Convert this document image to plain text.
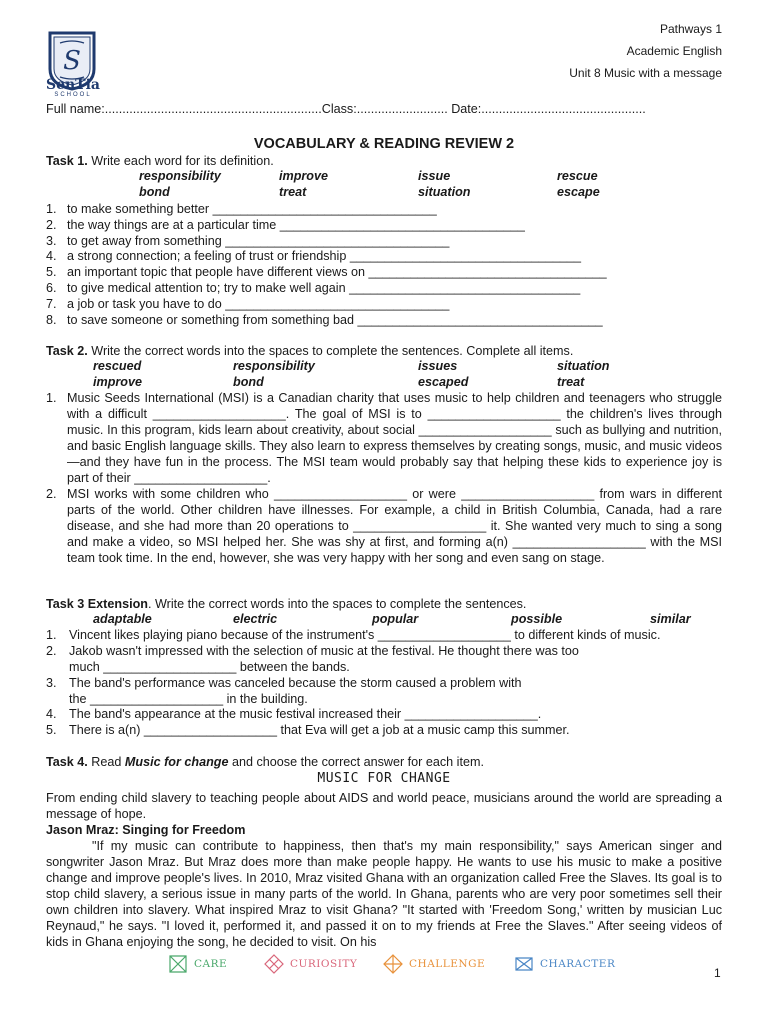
S
SenTia
SCHOOL
Pathways 1
Academic English
Unit 8 Music with a message
Full name:..............................................................Class:.......................... Date:...............................................
VOCABULARY & READING REVIEW 2
Task 1. Write each word for its definition.
responsibility	improve	issue	rescue
bond	treat	situation	escape
1. to make something better ________________________________
2. the way things are at a particular time ___________________________________
3. to get away from something ________________________________
4. a strong connection; a feeling of trust or friendship _________________________________
5. an important topic that people have different views on __________________________________
6. to give medical attention to; try to make well again _________________________________
7. a job or task you have to do ________________________________
8. to save someone or something from something bad ___________________________________
Task 2. Write the correct words into the spaces to complete the sentences. Complete all items.
rescued	responsibility	issues	situation
improve	bond	escaped	treat
1. Music Seeds International (MSI) is a Canadian charity that uses music to help children and teenagers who struggle with a difficult ___________________. The goal of MSI is to ___________________ the children's lives through music. In this program, kids learn about creativity, about social ___________________ such as bullying and nutrition, and basic English language skills. They also learn to express themselves by creating songs, music, and music videos—and they have fun in the process. The MSI team would probably say that helping these kids to experience joy is part of their ___________________.
2. MSI works with some children who ___________________ or were ___________________ from wars in different parts of the world. Other children have illnesses. For example, a child in British Columbia, Canada, had a rare disease, and she had more than 20 operations to ___________________ it. She wanted very much to sing a song and make a video, so MSI helped her. She was shy at first, and forming a(n) ___________________ with the MSI team took time. In the end, however, she was very happy with her song and even sang on stage.
Task 3 Extension. Write the correct words into the spaces to complete the sentences.
adaptable	electric	popular	possible	similar
1. Vincent likes playing piano because of the instrument's ___________________ to different kinds of music.
2. Jakob wasn't impressed with the selection of music at the festival. He thought there was too
much ___________________ between the bands.
3. The band's performance was canceled because the storm caused a problem with
the ___________________ in the building.
4. The band's appearance at the music festival increased their ___________________.
5. There is a(n) ___________________ that Eva will get a job at a music camp this summer.
Task 4. Read Music for change and choose the correct answer for each item.
MUSIC FOR CHANGE
From ending child slavery to teaching people about AIDS and world peace, musicians around the world are spreading a message of hope.
Jason Mraz: Singing for Freedom
"If my music can contribute to happiness, then that's my main responsibility," says American singer and songwriter Jason Mraz. But Mraz does more than make people happy. He wants to use his music to make a positive change and improve people's lives. In 2010, Mraz visited Ghana with an organization called Free the Slaves. Its goal is to stop child slavery, a serious issue in many parts of the world. In Ghana, parents who are very poor sometimes sell their own children into slavery. What inspired Mraz to visit Ghana? "It started with 'Freedom Song,' written by musician Luc Reynaud," he says. "I loved it, performed it, and passed it on to my friends at Free the Slaves." After seeing videos of kids in Ghana enjoying the song, he decided to visit. On his
CARE	CURIOSITY	CHALLENGE	CHARACTER
1
